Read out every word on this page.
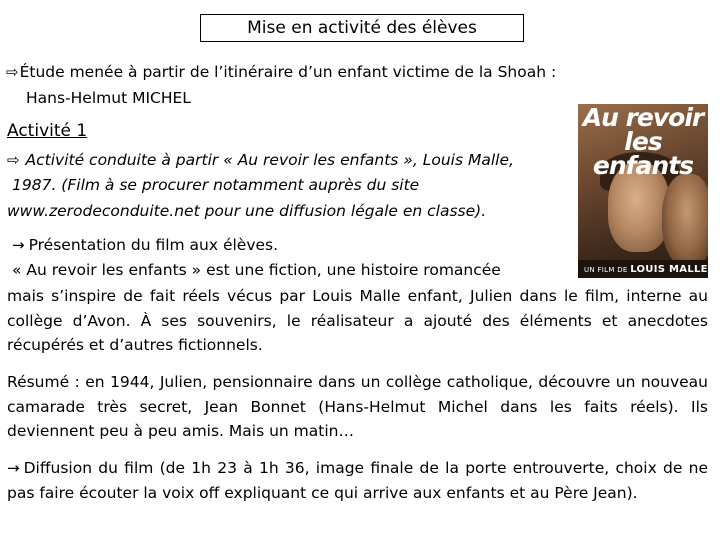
Mise en activité des élèves
⇨Étude menée à partir de l’itinéraire d’un enfant victime de la Shoah :
Hans-Helmut MICHEL
Activité 1
⇨ Activité conduite à partir « Au revoir les enfants », Louis Malle,
1987. (Film à se procurer notamment auprès du site
www.zerodeconduite.net pour une diffusion légale en classe).
→ Présentation du film aux élèves.
« Au revoir les enfants » est une fiction, une histoire romancée
mais s’inspire de fait réels vécus par Louis Malle enfant, Julien dans le film, interne au collège d’Avon. À ses souvenirs, le réalisateur a ajouté des éléments et anecdotes récupérés et d’autres fictionnels.
Résumé : en 1944, Julien, pensionnaire dans un collège catholique, découvre un nouveau camarade très secret, Jean Bonnet (Hans-Helmut Michel dans les faits réels). Ils deviennent peu à peu amis. Mais un matin…
→ Diffusion du film (de 1h 23 à 1h 36, image finale de la porte entrouverte, choix de ne pas faire écouter la voix off expliquant ce qui arrive aux enfants et au Père Jean).
Au revoir les enfants
UN FILM DE LOUIS MALLE
